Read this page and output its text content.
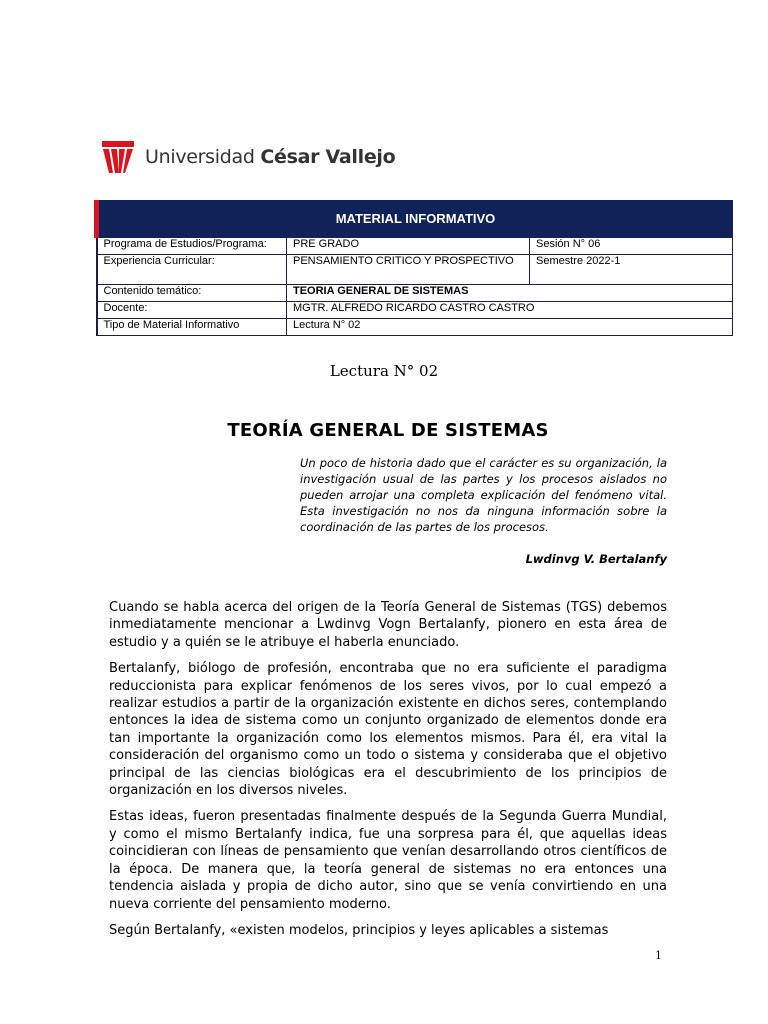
Universidad César Vallejo
MATERIAL INFORMATIVO		
Programa de Estudios/Programa:	PRE GRADO	Sesión N° 06
Experiencia Curricular:	PENSAMIENTO CRITICO Y PROSPECTIVO	Semestre 2022-1
Contenido temático:	TEORIA GENERAL DE SISTEMAS	
Docente:	MGTR. ALFREDO RICARDO CASTRO CASTRO	
Tipo de Material Informativo	Lectura N° 02	
Lectura N° 02
TEORÍA GENERAL DE SISTEMAS
Un poco de historia dado que el carácter es su organización, la investigación usual de las partes y los procesos aislados no pueden arrojar una completa explicación del fenómeno vital. Esta investigación no nos da ninguna información sobre la coordinación de las partes de los procesos.
Lwdinvg V. Bertalanfy

Cuando se habla acerca del origen de la Teoría General de Sistemas (TGS) debemos inmediatamente mencionar a Lwdinvg Vogn Bertalanfy, pionero en esta área de estudio y a quién se le atribuye el haberla enunciado.

Bertalanfy, biólogo de profesión, encontraba que no era suficiente el paradigma reduccionista para explicar fenómenos de los seres vivos, por lo cual empezó a realizar estudios a partir de la organización existente en dichos seres, contemplando entonces la idea de sistema como un conjunto organizado de elementos donde era tan importante la organización como los elementos mismos. Para él, era vital la consideración del organismo como un todo o sistema y consideraba que el objetivo principal de las ciencias biológicas era el descubrimiento de los principios de organización en los diversos niveles.

Estas ideas, fueron presentadas finalmente después de la Segunda Guerra Mundial, y como el mismo Bertalanfy indica, fue una sorpresa para él, que aquellas ideas coincidieran con líneas de pensamiento que venían desarrollando otros científicos de la época. De manera que, la teoría general de sistemas no era entonces una tendencia aislada y propia de dicho autor, sino que se venía convirtiendo en una nueva corriente del pensamiento moderno.

Según Bertalanfy, «existen modelos, principios y leyes aplicables a sistemas

1
